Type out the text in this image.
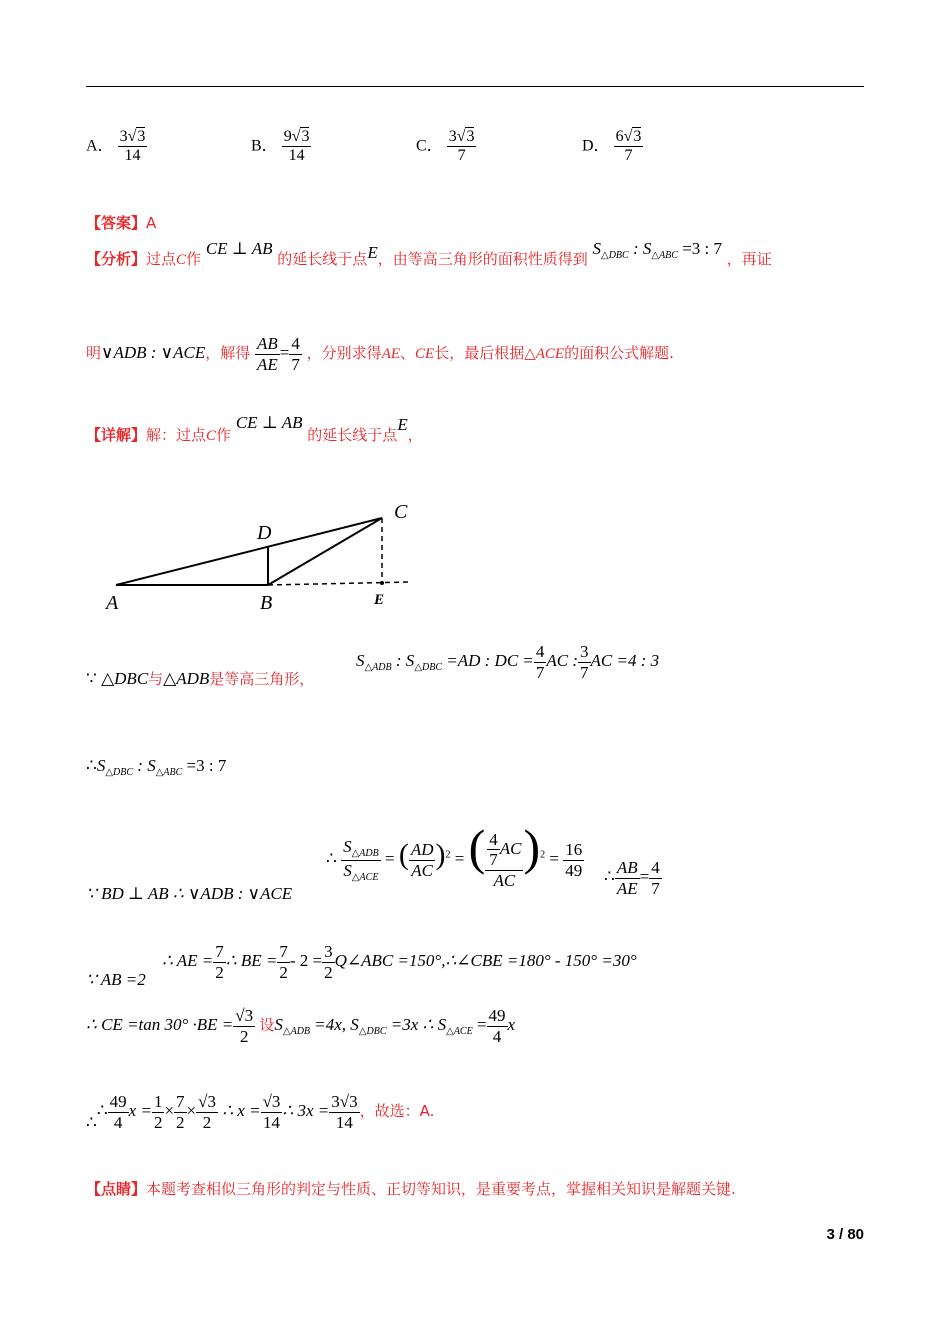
A． $\frac{3√3}{14}$	B． $\frac{9√3}{14}$	C． $\frac{3√3}{7}$	D． $\frac{6√3}{7}$
【答案】A
【分析】过点C作 CE ⊥ AB 的延长线于点E，由等高三角形的面积性质得到 $S_{\triangle DBC}$ : $S_{\triangle ABC} =3$ : 7 ，再证
明∨ADB : ∨ACE，解得 $\frac{AB}{AE} = \frac{4}{7}$ ，分别求得AE、CE长，最后根据△ACE的面积公式解题.
【详解】解：过点C作 CE ⊥ AB 的延长线于点E，
A	B
C
D
E
∵ △DBC与△ADB是等高三角形，
$S_{\triangle ADB}$ : $S_{\triangle DBC} =AD$ : DC = $\frac{4}{7}$ AC : $\frac{3}{7}$ AC =4 : 3
$\therefore S_{\triangle DBC}$ : $S_{\triangle ABC} =3$ : 7
∵ BD ⊥ AB ∴ ∨ADB : ∨ACE
∴ $\frac{S_{\triangle ADB}}{S_{\triangle ACE}}$ = ( $\frac{AD}{AC} )^2$ = ( $\frac{\frac{4}{7} AC}{AC} )^2 = \frac{16}{49}$ ∴ $\frac{AB}{AE} = \frac{4}{7}$
∵ AB =2
∴ AE = $\frac{7}{2}$ ∴ BE = $\frac{7}{2} - 2 = \frac{3}{2}$ Q∠ABC =150°,∴∠CBE =180° - 150° =30°
∴ CE =tan $30^\circ \cdot BE = \frac{√3}{2}$ 设$S_{\triangle ADB} =4x$, $S_{\triangle DBC} =3x$ ∴ $S_{\triangle ACE} = \frac{49}{4}$ x
∴∴ $\frac{49}{4}$ $x = \frac{1}{2} \times \frac{7}{2} \times \frac{√3}{2}$ ∴ $x = \frac{√3}{14}$ ∴ $3x = \frac{3√3}{14}$ ，故选：A.
【点睛】本题考查相似三角形的判定与性质、正切等知识，是重要考点，掌握相关知识是解题关键.
3 / 80
